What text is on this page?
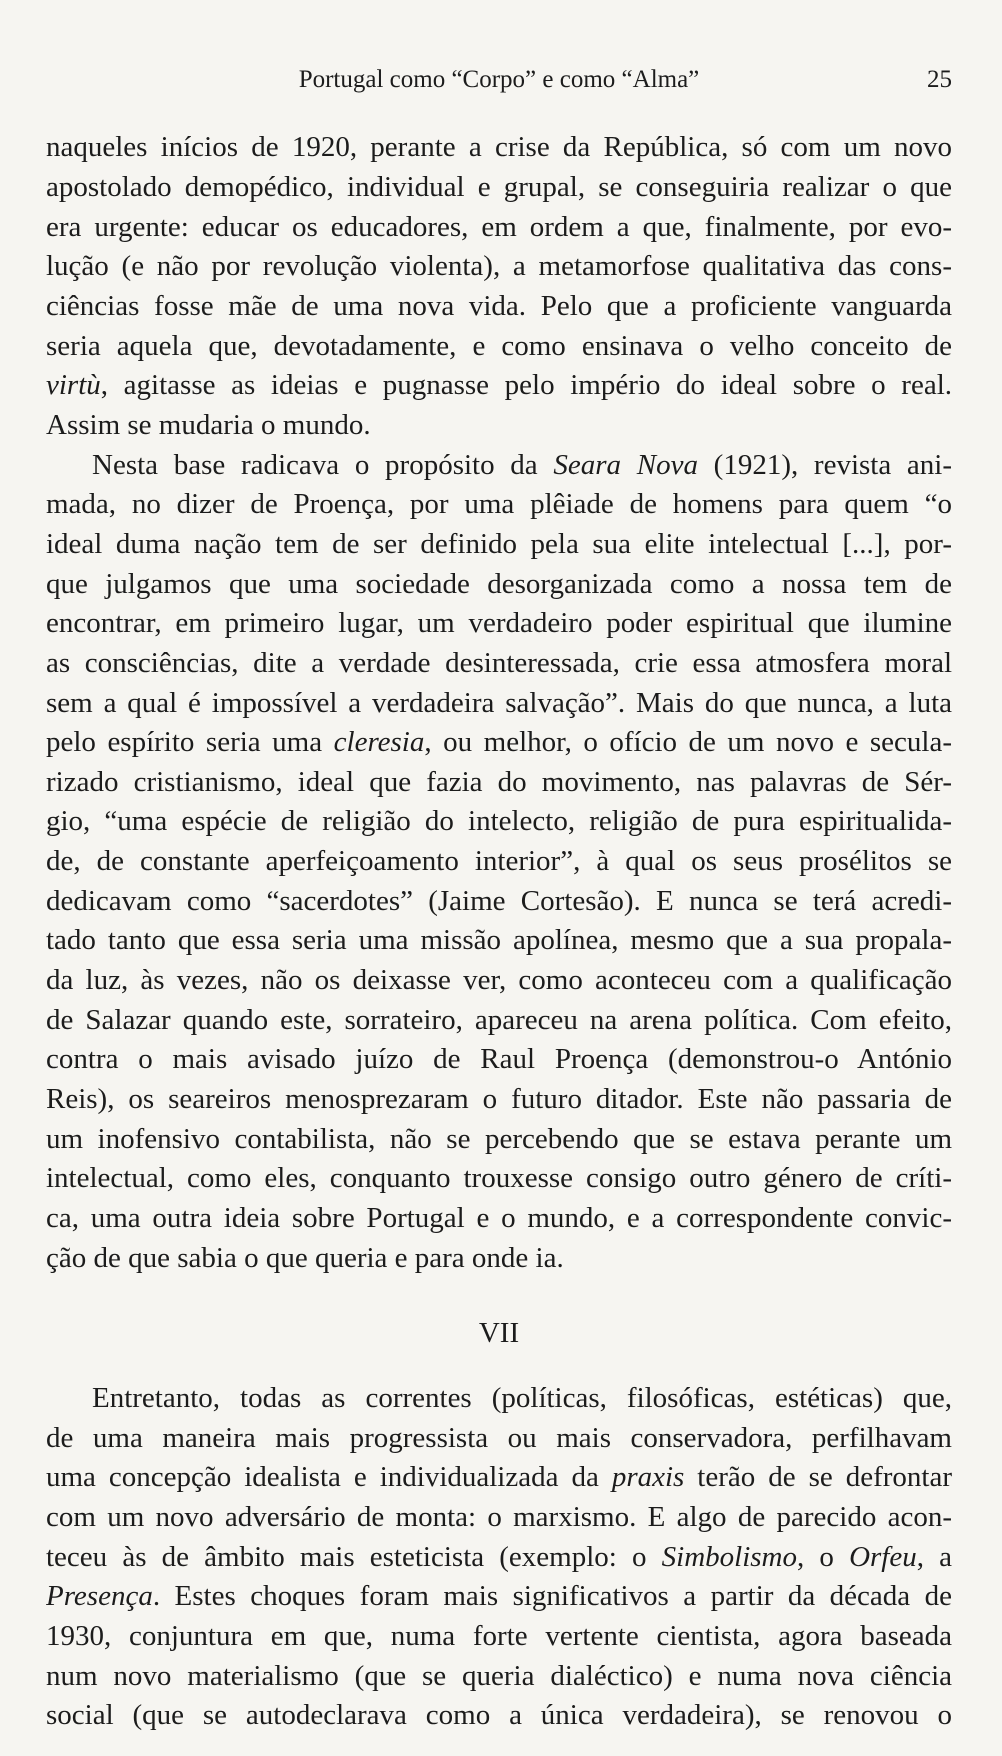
Portugal como “Corpo” e como “Alma”	25
naqueles inícios de 1920, perante a crise da República, só com um novo
apostolado demopédico, individual e grupal, se conseguiria realizar o que
era urgente: educar os educadores, em ordem a que, finalmente, por evo-
lução (e não por revolução violenta), a metamorfose qualitativa das cons-
ciências fosse mãe de uma nova vida. Pelo que a proficiente vanguarda
seria aquela que, devotadamente, e como ensinava o velho conceito de
virtù, agitasse as ideias e pugnasse pelo império do ideal sobre o real.
Assim se mudaria o mundo.
Nesta base radicava o propósito da Seara Nova (1921), revista ani-
mada, no dizer de Proença, por uma plêiade de homens para quem “o
ideal duma nação tem de ser definido pela sua elite intelectual [...], por-
que julgamos que uma sociedade desorganizada como a nossa tem de
encontrar, em primeiro lugar, um verdadeiro poder espiritual que ilumine
as consciências, dite a verdade desinteressada, crie essa atmosfera moral
sem a qual é impossível a verdadeira salvação”. Mais do que nunca, a luta
pelo espírito seria uma cleresia, ou melhor, o ofício de um novo e secula-
rizado cristianismo, ideal que fazia do movimento, nas palavras de Sér-
gio, “uma espécie de religião do intelecto, religião de pura espiritualida-
de, de constante aperfeiçoamento interior”, à qual os seus prosélitos se
dedicavam como “sacerdotes” (Jaime Cortesão). E nunca se terá acredi-
tado tanto que essa seria uma missão apolínea, mesmo que a sua propala-
da luz, às vezes, não os deixasse ver, como aconteceu com a qualificação
de Salazar quando este, sorrateiro, apareceu na arena política. Com efeito,
contra o mais avisado juízo de Raul Proença (demonstrou-o António
Reis), os seareiros menosprezaram o futuro ditador. Este não passaria de
um inofensivo contabilista, não se percebendo que se estava perante um
intelectual, como eles, conquanto trouxesse consigo outro género de críti-
ca, uma outra ideia sobre Portugal e o mundo, e a correspondente convic-
ção de que sabia o que queria e para onde ia.
VII
Entretanto, todas as correntes (políticas, filosóficas, estéticas) que,
de uma maneira mais progressista ou mais conservadora, perfilhavam
uma concepção idealista e individualizada da praxis terão de se defrontar
com um novo adversário de monta: o marxismo. E algo de parecido acon-
teceu às de âmbito mais esteticista (exemplo: o Simbolismo, o Orfeu, a
Presença. Estes choques foram mais significativos a partir da década de
1930, conjuntura em que, numa forte vertente cientista, agora baseada
num novo materialismo (que se queria dialéctico) e numa nova ciência
social (que se autodeclarava como a única verdadeira), se renovou o
